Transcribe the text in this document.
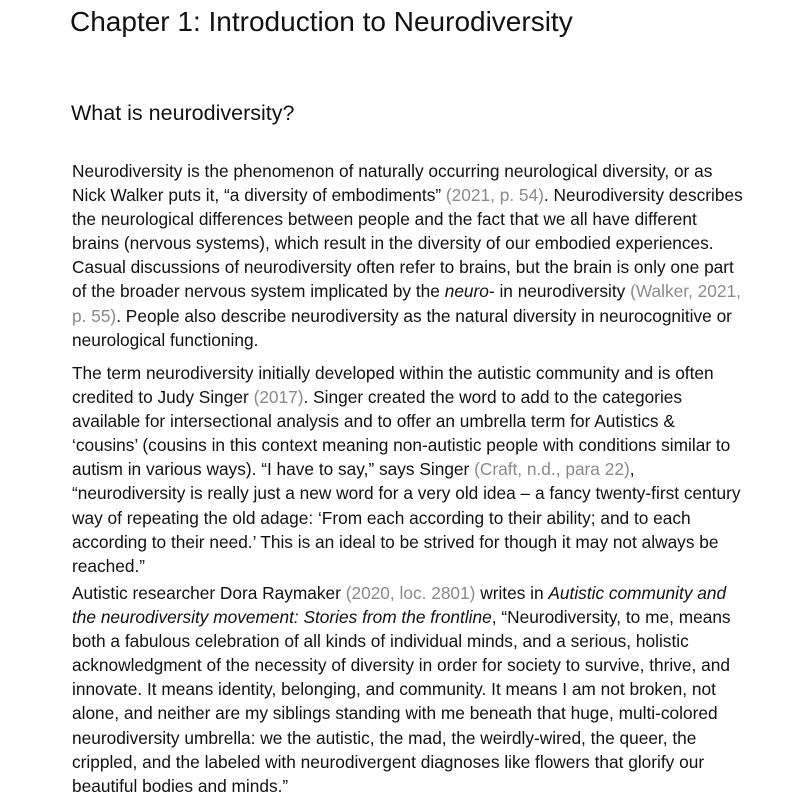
Chapter 1: Introduction to Neurodiversity
What is neurodiversity?
Neurodiversity is the phenomenon of naturally occurring neurological diversity, or as
Nick Walker puts it, “a diversity of embodiments” (2021, p. 54). Neurodiversity describes
the neurological differences between people and the fact that we all have different
brains (nervous systems), which result in the diversity of our embodied experiences.
Casual discussions of neurodiversity often refer to brains, but the brain is only one part
of the broader nervous system implicated by the neuro- in neurodiversity (Walker, 2021,
p. 55). People also describe neurodiversity as the natural diversity in neurocognitive or
neurological functioning.
The term neurodiversity initially developed within the autistic community and is often
credited to Judy Singer (2017). Singer created the word to add to the categories
available for intersectional analysis and to offer an umbrella term for Autistics &
‘cousins’ (cousins in this context meaning non-autistic people with conditions similar to
autism in various ways). “I have to say,” says Singer (Craft, n.d., para 22),
“neurodiversity is really just a new word for a very old idea – a fancy twenty-first century
way of repeating the old adage: ‘From each according to their ability; and to each
according to their need.’ This is an ideal to be strived for though it may not always be
reached.”
Autistic researcher Dora Raymaker (2020, loc. 2801) writes in Autistic community and
the neurodiversity movement: Stories from the frontline, “Neurodiversity, to me, means
both a fabulous celebration of all kinds of individual minds, and a serious, holistic
acknowledgment of the necessity of diversity in order for society to survive, thrive, and
innovate. It means identity, belonging, and community. It means I am not broken, not
alone, and neither are my siblings standing with me beneath that huge, multi-colored
neurodiversity umbrella: we the autistic, the mad, the weirdly-wired, the queer, the
crippled, and the labeled with neurodivergent diagnoses like flowers that glorify our
beautiful bodies and minds.”
